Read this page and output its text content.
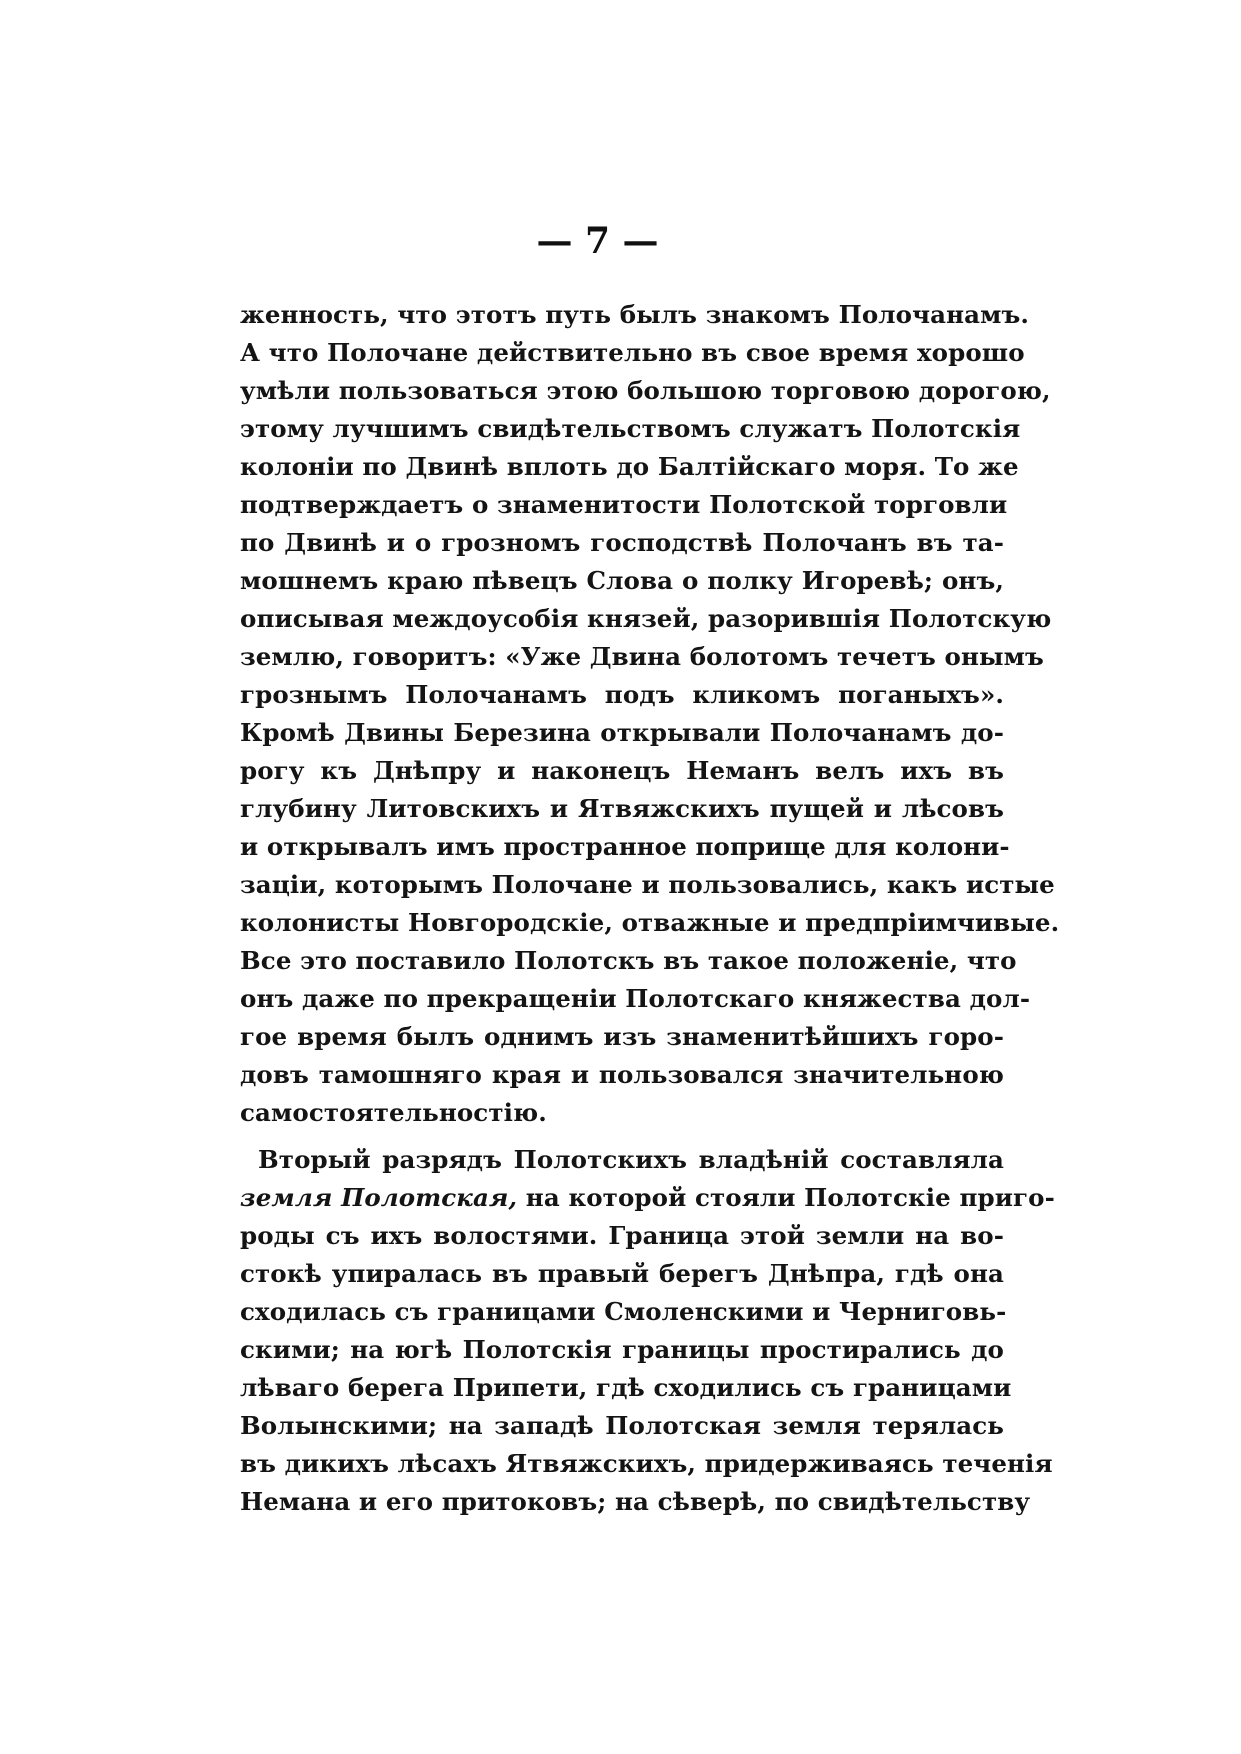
— 7 —
женность, что этотъ путь былъ знакомъ Полочанамъ.
А что Полочане действительно въ свое время хорошо
умѣли пользоваться этою большою торговою дорогою,
этому лучшимъ свидѣтельствомъ служатъ Полотскія
колоніи по Двинѣ вплоть до Балтійскаго моря. То же
подтверждаетъ о знаменитости Полотской торговли
по Двинѣ и о грозномъ господствѣ Полочанъ въ та-
мошнемъ краю пѣвецъ Слова о полку Игоревѣ; онъ,
описывая междоусобія князей, разорившія Полотскую
землю, говоритъ: «Уже Двина болотомъ течетъ онымъ
грознымъ Полочанамъ подъ кликомъ поганыхъ».
Кромѣ Двины Березина открывали Полочанамъ до-
рогу къ Днѣпру и наконецъ Неманъ велъ ихъ въ
глубину Литовскихъ и Ятвяжскихъ пущей и лѣсовъ
и открывалъ имъ пространное поприще для колони-
заціи, которымъ Полочане и пользовались, какъ истые
колонисты Новгородскіе, отважные и предпріимчивые.
Все это поставило Полотскъ въ такое положеніе, что
онъ даже по прекращеніи Полотскаго княжества дол-
гое время былъ однимъ изъ знаменитѣйшихъ горо-
довъ тамошняго края и пользовался значительною
самостоятельностію.
Вторый разрядъ Полотскихъ владѣній составляла
земля Полотская, на которой стояли Полотскіе приго-
роды съ ихъ волостями. Граница этой земли на во-
стокѣ упиралась въ правый берегъ Днѣпра, гдѣ она
сходилась съ границами Смоленскими и Черниговь-
скими; на югѣ Полотскія границы простирались до
лѣваго берега Припети, гдѣ сходились съ границами
Волынскими; на западѣ Полотская земля терялась
въ дикихъ лѣсахъ Ятвяжскихъ, придерживаясь теченія
Немана и его притоковъ; на сѣверѣ, по свидѣтельству
